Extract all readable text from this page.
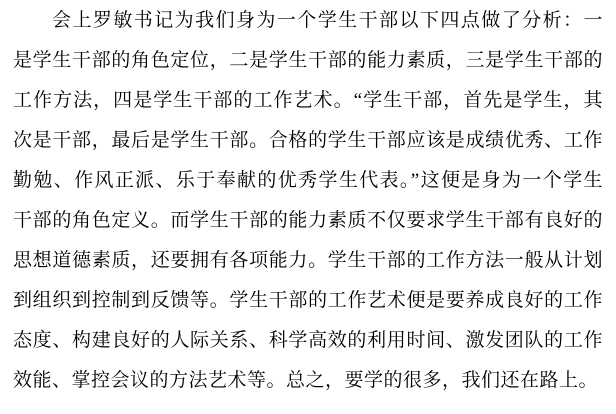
会上罗敏书记为我们身为一个学生干部以下四点做了分析：一
是学生干部的角色定位，二是学生干部的能力素质，三是学生干部的
工作方法，四是学生干部的工作艺术。“学生干部，首先是学生，其
次是干部，最后是学生干部。合格的学生干部应该是成绩优秀、工作
勤勉、作风正派、乐于奉献的优秀学生代表。”这便是身为一个学生
干部的角色定义。而学生干部的能力素质不仅要求学生干部有良好的
思想道德素质，还要拥有各项能力。学生干部的工作方法一般从计划
到组织到控制到反馈等。学生干部的工作艺术便是要养成良好的工作
态度、构建良好的人际关系、科学高效的利用时间、激发团队的工作
效能、掌控会议的方法艺术等。总之，要学的很多，我们还在路上。
